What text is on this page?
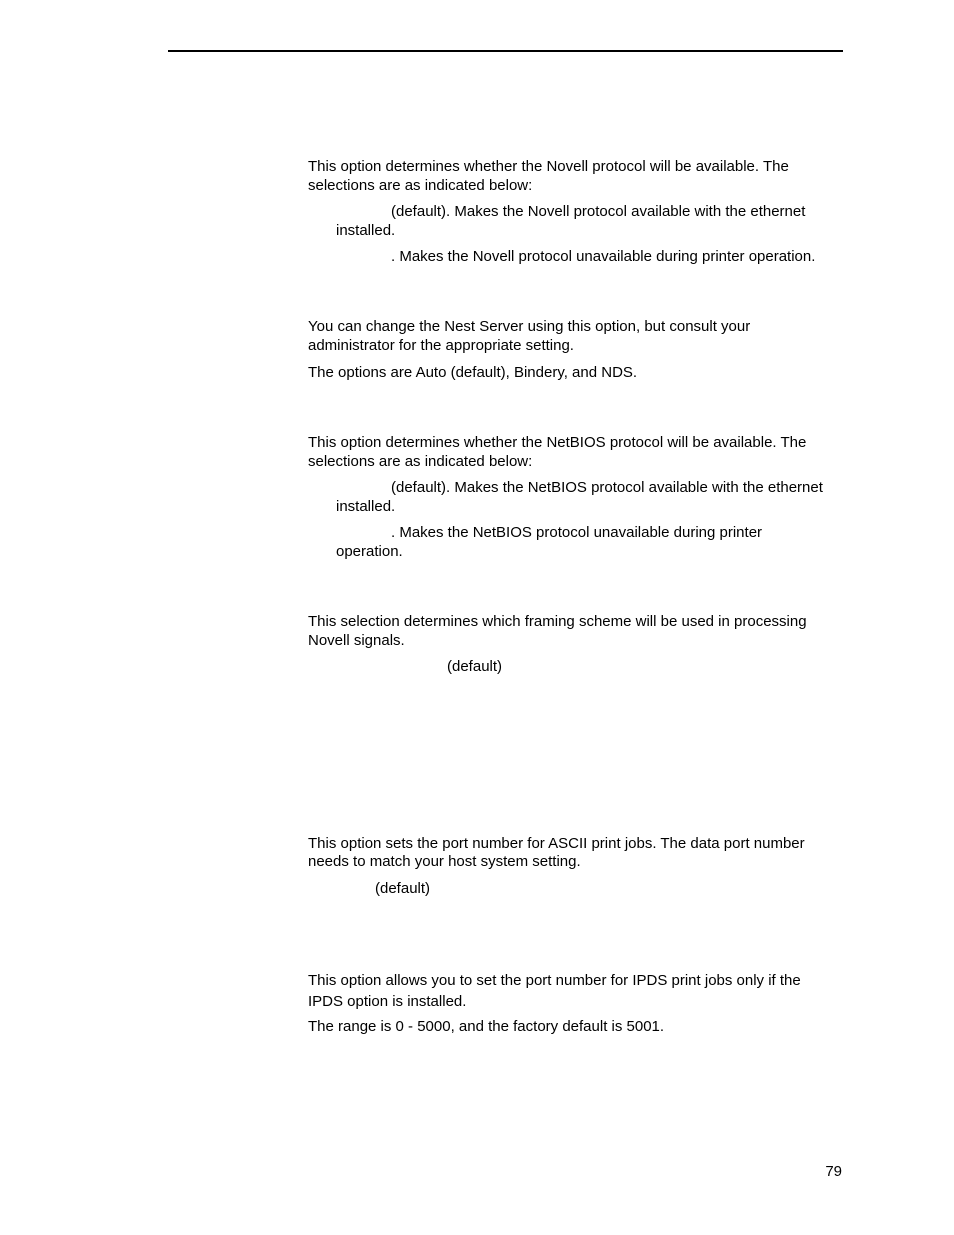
This option determines whether the Novell protocol will be available. The

selections are as indicated below:

(default). Makes the Novell protocol available with the ethernet

installed.

. Makes the Novell protocol unavailable during printer operation.

You can change the Nest Server using this option, but consult your

administrator for the appropriate setting.

The options are Auto (default), Bindery, and NDS.

This option determines whether the NetBIOS protocol will be available. The

selections are as indicated below:

(default). Makes the NetBIOS protocol available with the ethernet

installed.

. Makes the NetBIOS protocol unavailable during printer

operation.

This selection determines which framing scheme will be used in processing

Novell signals.

(default)

This option sets the port number for ASCII print jobs. The data port number

needs to match your host system setting.

(default)

This option allows you to set the port number for IPDS print jobs only if the

IPDS option is installed.

The range is 0 - 5000, and the factory default is 5001.

79
